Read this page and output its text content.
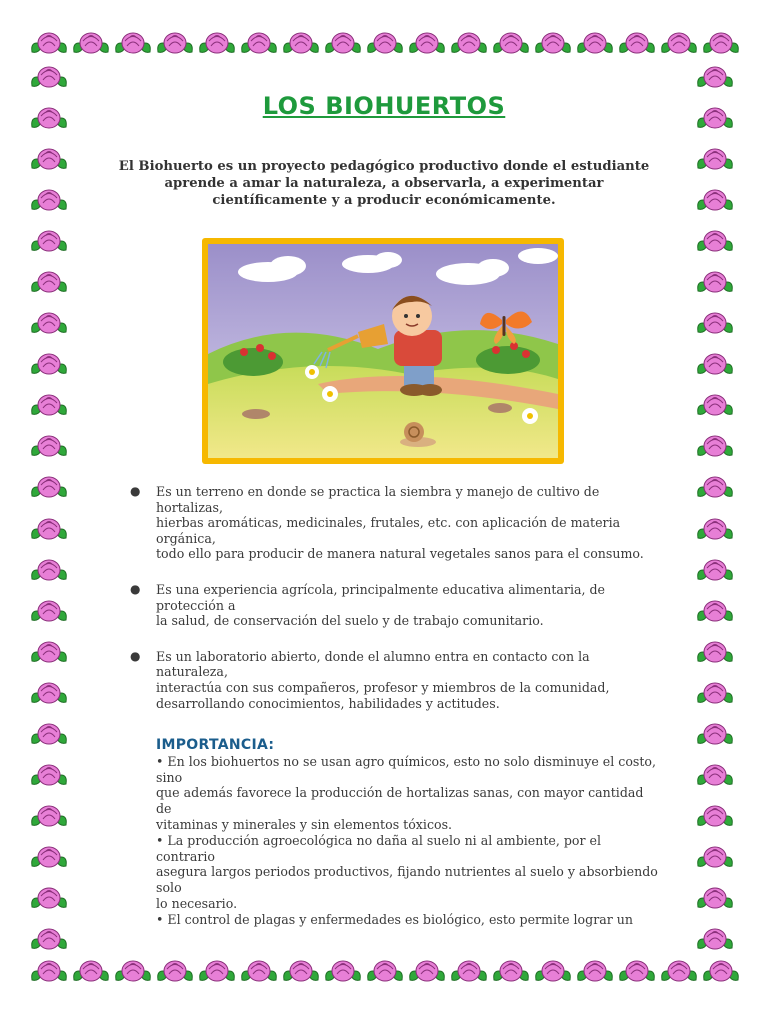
LOS BIOHUERTOS
El Biohuerto es un proyecto pedagógico productivo donde el estudiante aprende a amar la naturaleza, a observarla, a experimentar científicamente y a producir económicamente.
● Es un terreno en donde se practica la siembra y manejo de cultivo de hortalizas,

hierbas aromáticas, medicinales, frutales, etc. con aplicación de materia orgánica,

todo ello para producir de manera natural vegetales sanos para el consumo.

● Es una experiencia agrícola, principalmente educativa alimentaria, de protección a

la salud, de conservación del suelo y de trabajo comunitario.

● Es un laboratorio abierto, donde el alumno entra en contacto con la naturaleza,

interactúa con sus compañeros, profesor y miembros de la comunidad,

desarrollando conocimientos, habilidades y actitudes.

IMPORTANCIA:

• En los biohuertos no se usan agro químicos, esto no solo disminuye el costo, sino

que además favorece la producción de hortalizas sanas, con mayor cantidad de

vitaminas y minerales y sin elementos tóxicos.

• La producción agroecológica no daña al suelo ni al ambiente, por el contrario

asegura largos periodos productivos, fijando nutrientes al suelo y absorbiendo solo

lo necesario.

• El control de plagas y enfermedades es biológico, esto permite lograr un
